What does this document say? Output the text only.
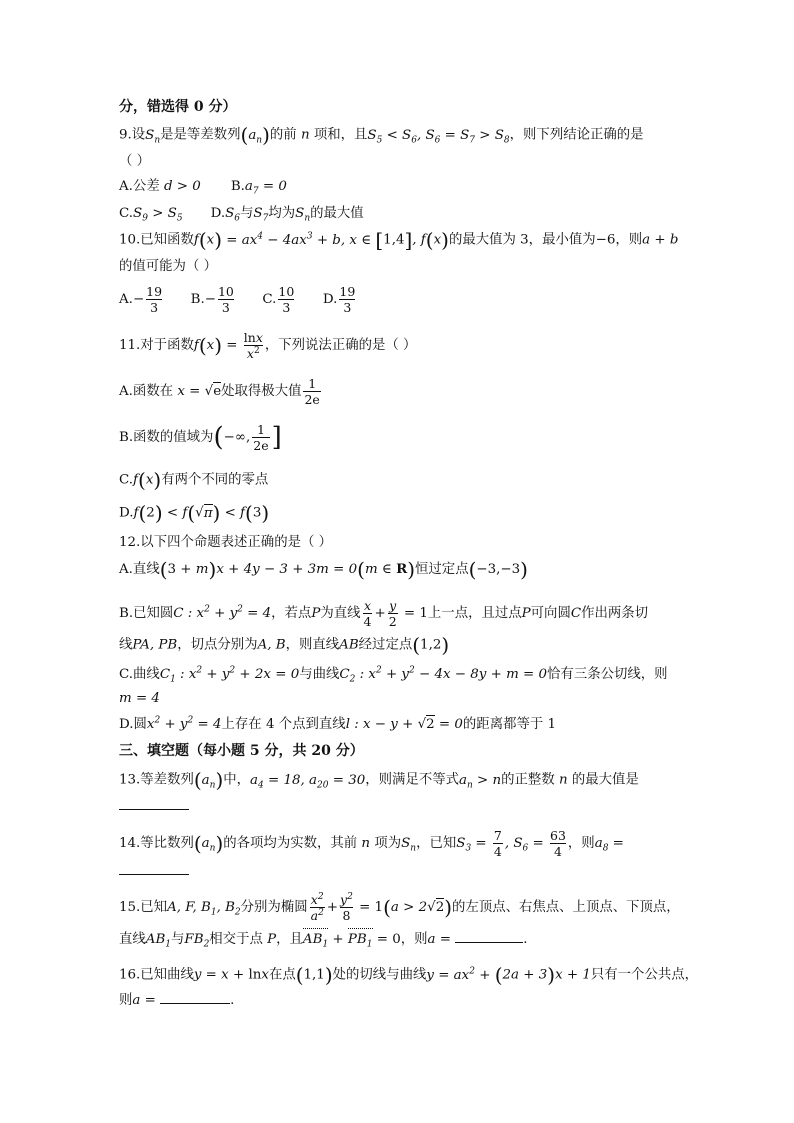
分，错选得 0 分）
9.设$S_n$是是等差数列$(a_n)$的前 n 项和，且$S_5 < S_6$, $S_6 = S_7 > S_8$，则下列结论正确的是
（ ）
A.公差 d > 0 $B.a_7 = 0$
$C.S_9 > S_5$ $D.S_6$与$S_7$均为$S_n$的最大值
10.已知函数$f(x) = ax^4 - 4ax^3 + b$, x ∈ [1,4], f(x)的最大值为 3，最小值为−6，则a + b
的值可能为（ ）
$A.- \frac{19}{3} B.- \frac{10}{3} C$. $\frac{10}{3} D$. $\frac{19}{3}$
11.对于函数$f(x) = \frac{\ln x}{x^2}$ ，下列说法正确的是（ ）
A.函数在 x = √e处取得极大值 $\frac{1}{2e}$
B.函数的值域为(−∞, $\frac{1}{2e}$ ]
C.f(x)有两个不同的零点
D.f(2) < f(√π) < f(3)
12.以下四个命题表述正确的是（ ）
A.直线(3 + m)x + 4y − 3 + 3m = 0(m ∈ R)恒过定点(−3,−3)
B.已知圆C : $x^2 + y^2 = 4$，若点P为直线 $\frac{x}{4} + \frac{y}{2} = 1$上一点，且过点P可向圆C作出两条切
线PA, PB，切点分别为A, B，则直线AB经过定点(1,2)
C.曲线$C_1$ : $x^2 + y^2 + 2x = 0$与曲线$C_2$ : $x^2 + y^2 - 4x - 8y + m = 0$恰有三条公切线，则
m = 4
D.圆$x^2 + y^2 = 4$上存在 4 个点到直线l : x − y + √2 = 0的距离都等于 1
三、填空题（每小题 5 分，共 20 分）
13.等差数列$(a_n)$中，$a_4 = 18$, $a_{20} = 30$，则满足不等式$a_n > n$的正整数 n 的最大值是
14.等比数列$(a_n)$的各项均为实数，其前 n 项为$S_n$，已知$S_3 = \frac{7}{4}$ , $S_6 = \frac{63}{4}$ ，则$a_8$ =
15.已知A, F, $B_1$, $B_2$分别为椭圆 $\frac{x^2}{a^2} + \frac{y^2}{8} = 1(a > 2√2)$的左顶点、右焦点、上顶点、下顶点，
直线$AB_1$与$FB_2$相交于点 P，且$AB_1 + PB_1 = 0$，则a =	.
16.已知曲线y = x + lnx在点(1,1)处的切线与曲线$y = ax^2 + (2a + 3)x + 1$只有一个公共点，
则a =	.
